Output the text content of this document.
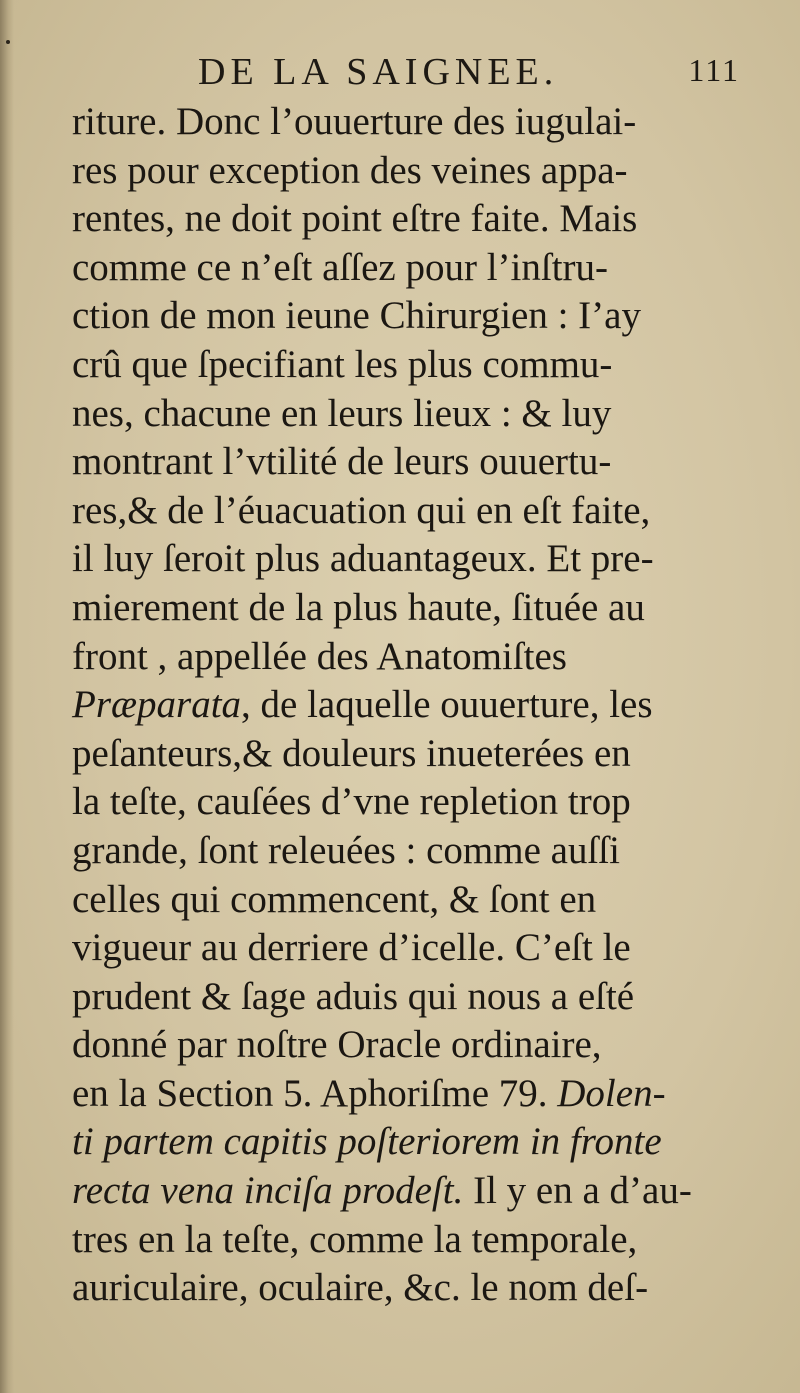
DE LA SAIGNEE.	111
riture. Donc l’ouuerture des iugulai-
res pour exception des veines appa-
rentes, ne doit point eſtre faite. Mais
comme ce n’eſt aſſez pour l’inſtru-
ction de mon ieune Chirurgien : I’ay
crû que ſpecifiant les plus commu-
nes, chacune en leurs lieux : & luy
montrant l’vtilité de leurs ouuertu-
res,& de l’éuacuation qui en eſt faite,
il luy ſeroit plus aduantageux. Et pre-
mierement de la plus haute, ſituée au
front , appellée des Anatomiſtes
Præparata, de laquelle ouuerture, les
peſanteurs,& douleurs inueterées en
la teſte, cauſées d’vne repletion trop
grande, ſont releuées : comme auſſi
celles qui commencent, & ſont en
vigueur au derriere d’icelle. C’eſt le
prudent & ſage aduis qui nous a eſté
donné par noſtre Oracle ordinaire,
en la Section 5. Aphoriſme 79. Dolen-
ti partem capitis poſteriorem in fronte
recta vena inciſa prodeſt. Il y en a d’au-
tres en la teſte, comme la temporale,
auriculaire, oculaire, &c. le nom deſ-
